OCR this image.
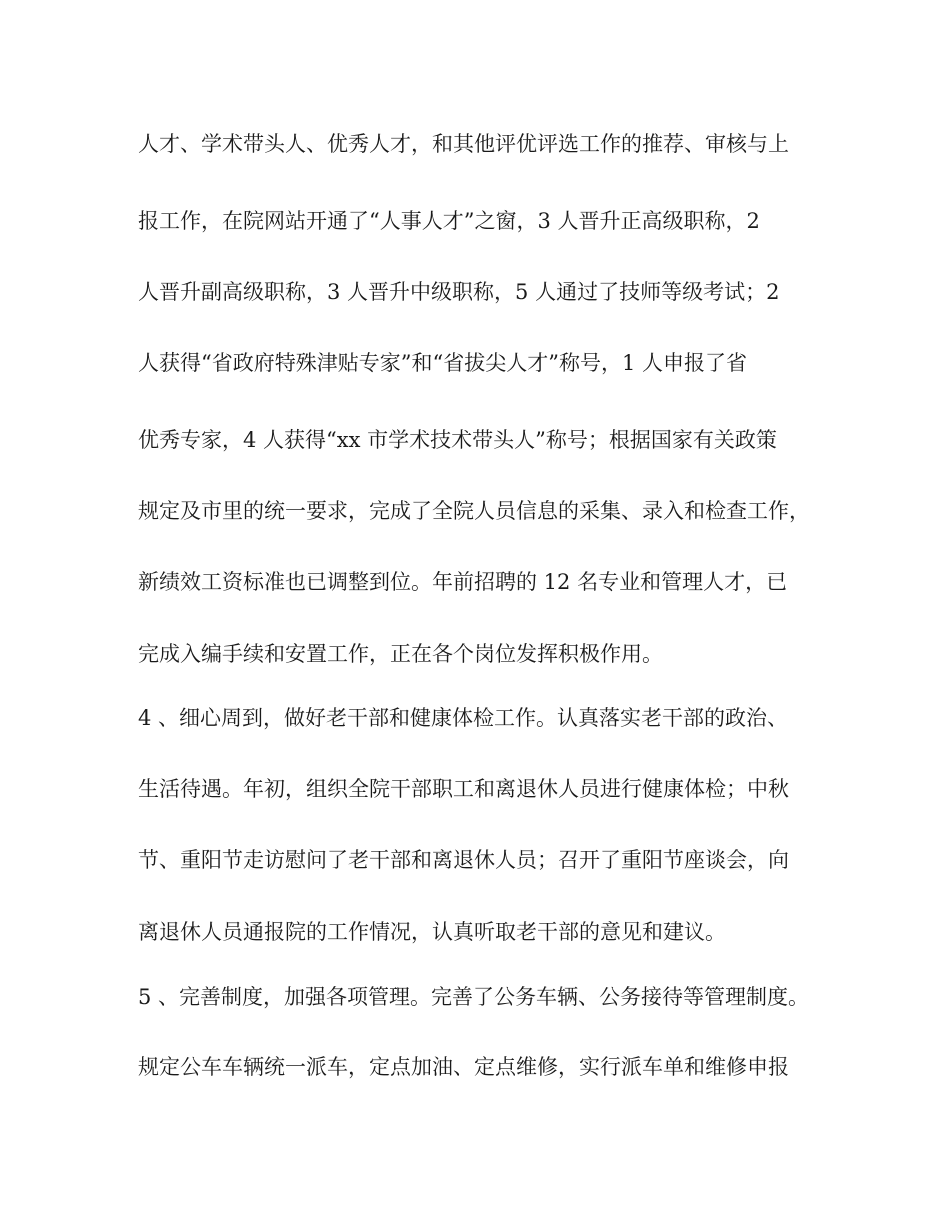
人才、学术带头人、优秀人才，和其他评优评选工作的推荐、审核与上
报工作，在院网站开通了“人事人才”之窗，3 人晋升正高级职称，2
人晋升副高级职称，3 人晋升中级职称，5 人通过了技师等级考试；2
人获得“省政府特殊津贴专家”和“省拔尖人才”称号，1 人申报了省
优秀专家，4 人获得“xx 市学术技术带头人”称号；根据国家有关政策
规定及市里的统一要求，完成了全院人员信息的采集、录入和检查工作，
新绩效工资标准也已调整到位。年前招聘的 12 名专业和管理人才，已
完成入编手续和安置工作，正在各个岗位发挥积极作用。
4 、细心周到，做好老干部和健康体检工作。认真落实老干部的政治、
生活待遇。年初，组织全院干部职工和离退休人员进行健康体检；中秋
节、重阳节走访慰问了老干部和离退休人员；召开了重阳节座谈会，向
离退休人员通报院的工作情况，认真听取老干部的意见和建议。
5 、完善制度，加强各项管理。完善了公务车辆、公务接待等管理制度。
规定公车车辆统一派车，定点加油、定点维修，实行派车单和维修申报
